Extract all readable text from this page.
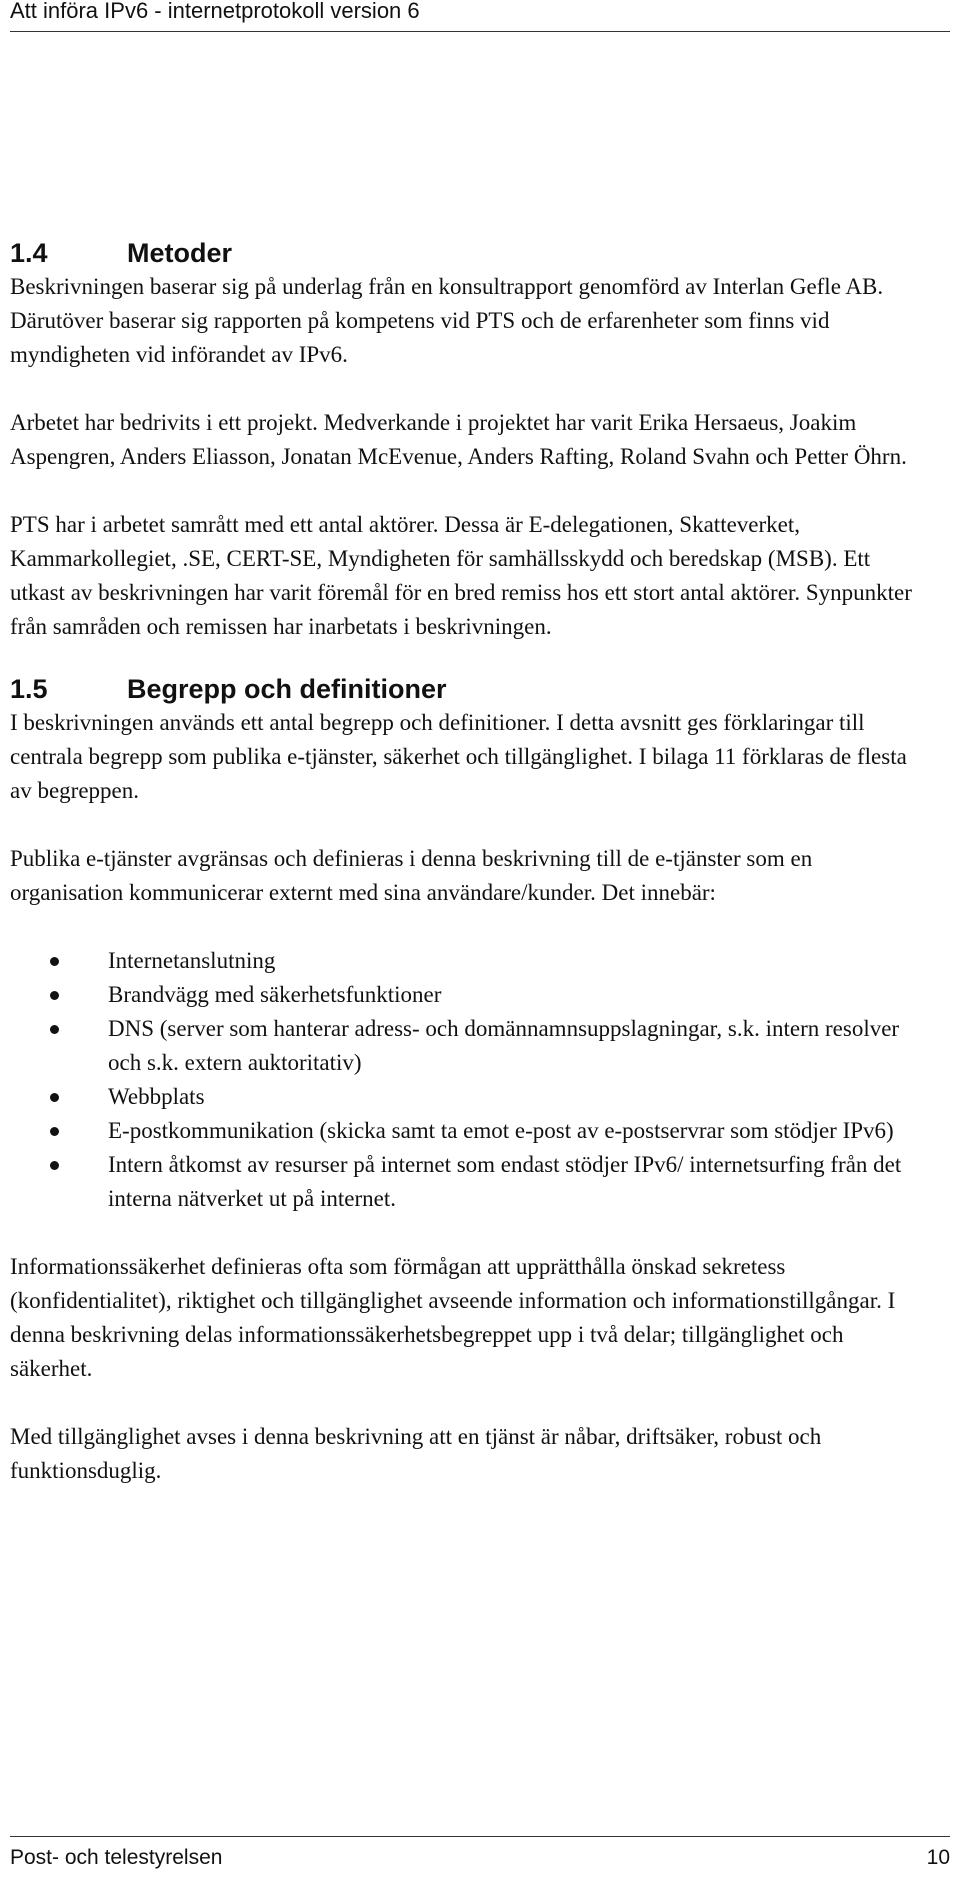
Att införa IPv6 - internetprotokoll version 6
1.4	Metoder

Beskrivningen baserar sig på underlag från en konsultrapport genomförd av Interlan Gefle AB. Därutöver baserar sig rapporten på kompetens vid PTS och de erfarenheter som finns vid myndigheten vid införandet av IPv6.

Arbetet har bedrivits i ett projekt. Medverkande i projektet har varit Erika Hersaeus, Joakim Aspengren, Anders Eliasson, Jonatan McEvenue, Anders Rafting, Roland Svahn och Petter Öhrn.

PTS har i arbetet samrått med ett antal aktörer. Dessa är E-delegationen, Skatteverket, Kammarkollegiet, .SE, CERT-SE, Myndigheten för samhällsskydd och beredskap (MSB). Ett utkast av beskrivningen har varit föremål för en bred remiss hos ett stort antal aktörer. Synpunkter från samråden och remissen har inarbetats i beskrivningen.

1.5	Begrepp och definitioner

I beskrivningen används ett antal begrepp och definitioner. I detta avsnitt ges förklaringar till centrala begrepp som publika e-tjänster, säkerhet och tillgänglighet. I bilaga 11 förklaras de flesta av begreppen.

Publika e-tjänster avgränsas och definieras i denna beskrivning till de e-tjänster som en organisation kommunicerar externt med sina användare/kunder. Det innebär:

Internetanslutning
Brandvägg med säkerhetsfunktioner
DNS (server som hanterar adress- och domännamnsuppslagningar, s.k. intern resolver och s.k. extern auktoritativ)
Webbplats
E-postkommunikation (skicka samt ta emot e-post av e-postservrar som stödjer IPv6)
Intern åtkomst av resurser på internet som endast stödjer IPv6/ internetsurfing från det interna nätverket ut på internet.

Informationssäkerhet definieras ofta som förmågan att upprätthålla önskad sekretess (konfidentialitet), riktighet och tillgänglighet avseende information och informationstillgångar. I denna beskrivning delas informationssäkerhetsbegreppet upp i två delar; tillgänglighet och säkerhet.

Med tillgänglighet avses i denna beskrivning att en tjänst är nåbar, driftsäker, robust och funktionsduglig.

Post- och telestyrelsen	10
